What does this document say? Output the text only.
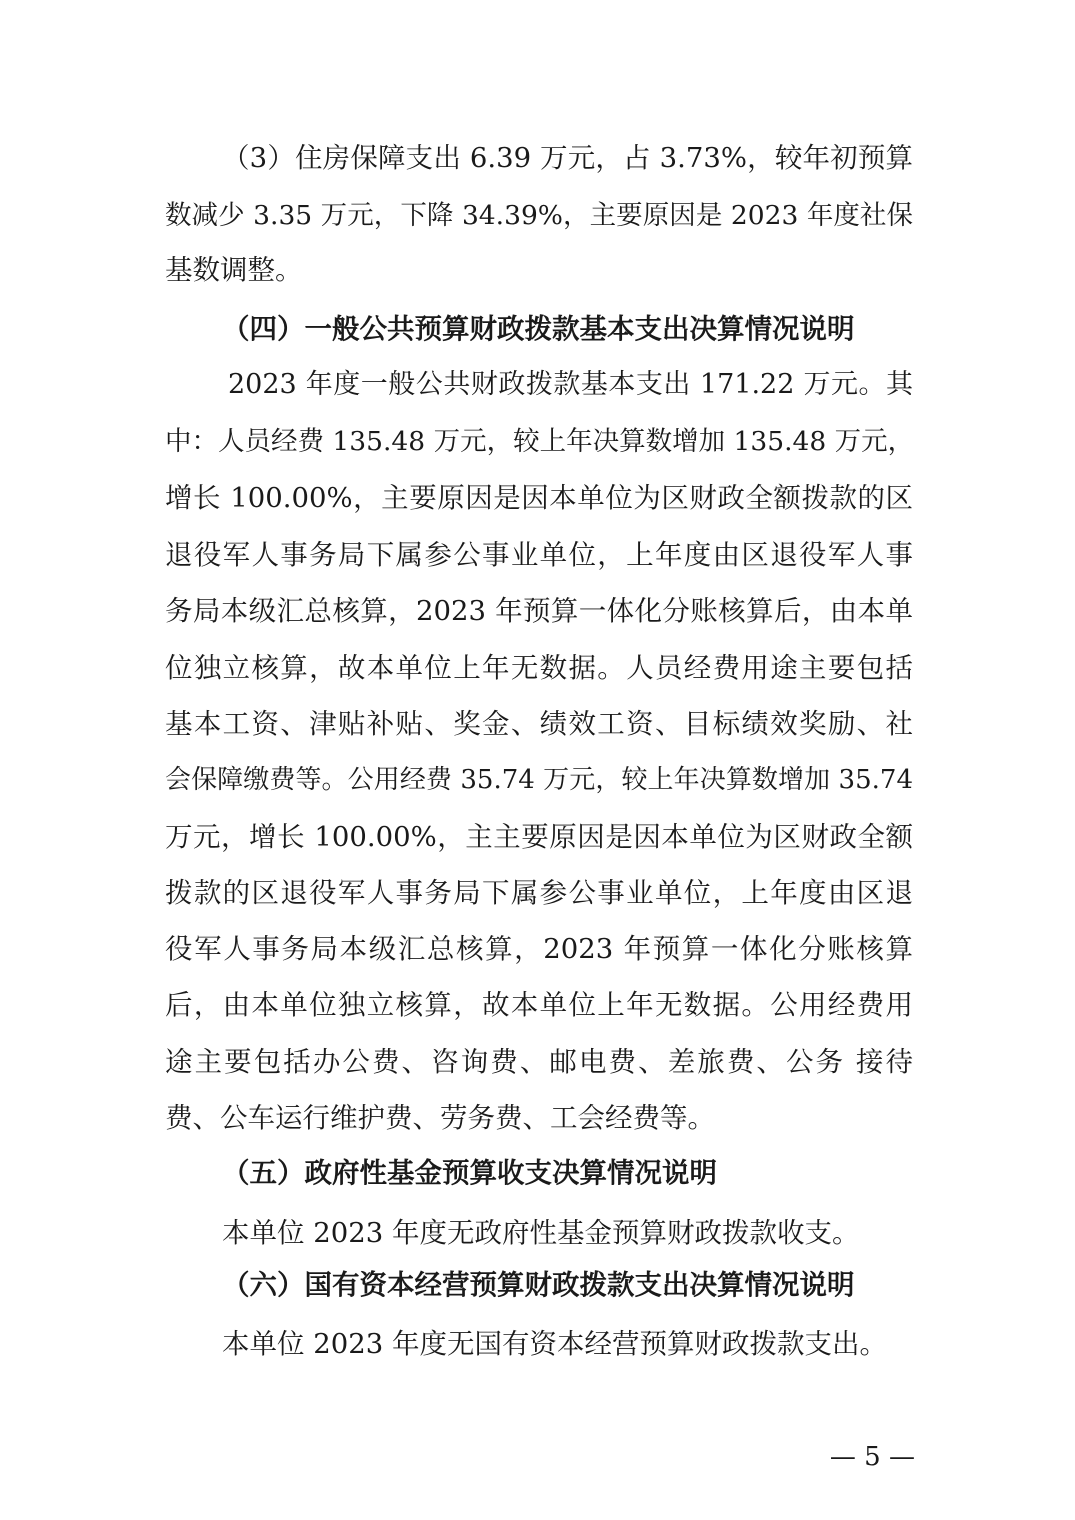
（3）住房保障支出 6.39 万元，占 3.73%，较年初预算
数减少 3.35 万元，下降 34.39%，主要原因是 2023 年度社保
基数调整。
（四）一般公共预算财政拨款基本支出决算情况说明
2023 年度一般公共财政拨款基本支出 171.22 万元。其
中：人员经费 135.48 万元，较上年决算数增加 135.48 万元，
增长 100.00%，主要原因是因本单位为区财政全额拨款的区
退役军人事务局下属参公事业单位，上年度由区退役军人事
务局本级汇总核算，2023 年预算一体化分账核算后，由本单
位独立核算，故本单位上年无数据。人员经费用途主要包括
基本工资、津贴补贴、奖金、绩效工资、目标绩效奖励、社
会保障缴费等。公用经费 35.74 万元，较上年决算数增加 35.74
万元，增长 100.00%，主主要原因是因本单位为区财政全额
拨款的区退役军人事务局下属参公事业单位，上年度由区退
役军人事务局本级汇总核算，2023 年预算一体化分账核算
后，由本单位独立核算，故本单位上年无数据。公用经费用
途主要包括办公费、咨询费、邮电费、差旅费、公务 接待
费、公车运行维护费、劳务费、工会经费等。
（五）政府性基金预算收支决算情况说明
本单位 2023 年度无政府性基金预算财政拨款收支。
（六）国有资本经营预算财政拨款支出决算情况说明
本单位 2023 年度无国有资本经营预算财政拨款支出。
— 5 —
